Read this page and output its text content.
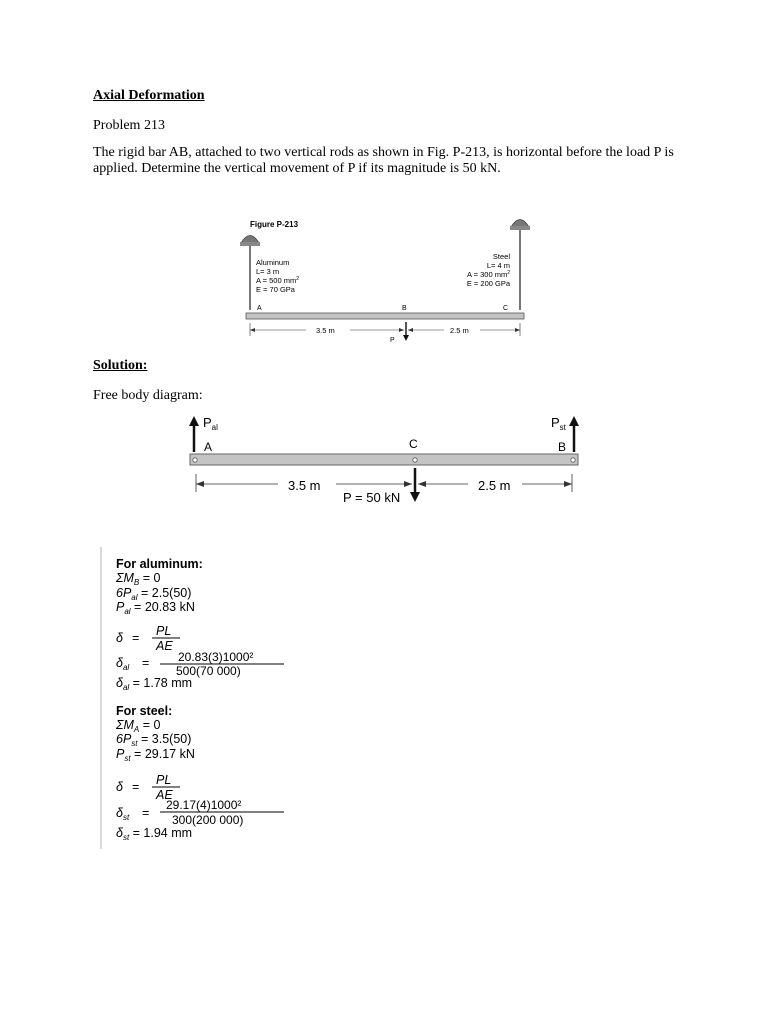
Axial Deformation
Problem 213
The rigid bar AB, attached to two vertical rods as shown in Fig. P-213, is horizontal before the load P is applied. Determine the vertical movement of P if its magnitude is 50 kN.
Figure P-213
Aluminum
L= 3 m
A = 500 $mm^2$
E = 70 GPa
Steel
L= 4 m
A = 300 $mm^2$
E = 200 GPa
A	B	C
3.5 m	2.5 m
P
Solution:
Free body diagram:
$P_{al}$	$P_{st}$
A	C	B
3.5 m	2.5 m
P = 50 kN
For aluminum:
$\Sigma M_B = 0$
$6P_{al} = 2.5(50)$
$P_{al} = 20.83$ kN
δ = PL
AE
$\delta_{al} = 20.83(3)1000^2$
500(70 000)
$\delta_{al} = 1.78$ mm
For steel:
$\Sigma M_A = 0$
$6P_{st} = 3.5(50)$
$P_{st} = 29.17$ kN
δ = PL
AE
$\delta_{st}$ =
29.17(4)1000²
300(200 000)
$\delta_{st} = 1.94$ mm
